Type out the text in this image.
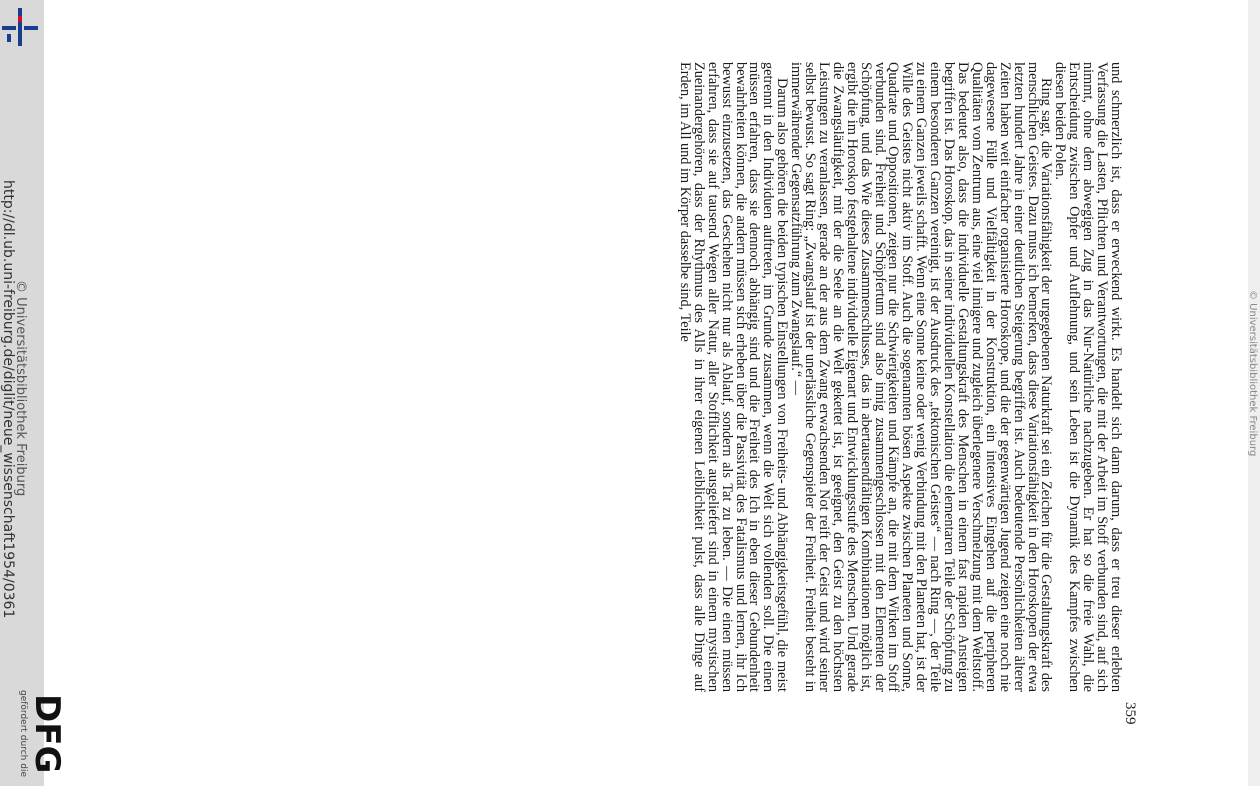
DFG
http://dl.ub.uni-freiburg.de/diglit/neue_wissenschaft1954/0361
© Universitätsbibliothek Freiburg
gefördert durch die
© Universitätsbibliothek Freiburg

und schmerzlich ist, dass er erweckend wirkt. Es handelt sich dann darum, dass er treu dieser erlebten Verfassung die Lasten, Pflichten und Verantwortungen, die mit der Arbeit im Stoff verbunden sind, auf sich nimmt, ohne dem abwegigen Zug in das Nur-Natürliche nachzugeben. Er hat so die freie Wahl, die Entscheidung zwischen Opfer und Auflehnung, und sein Leben ist die Dynamik des Kampfes zwischen diesen beiden Polen.

Ring sagt, die Variationsfähigkeit der urgegebenen Naturkraft sei ein Zeichen für die Gestaltungskraft des menschlichen Geistes. Dazu muss ich bemerken, dass diese Variationsfähigkeit in den Horoskopen der etwa letzten hundert Jahre in einer deutlichen Steigerung begriffen ist. Auch bedeutende Persönlichkeiten älterer Zeiten haben weit einfacher organisierte Horoskope, und die der gegenwärtigen Jugend zeigen eine noch nie dagewesene Fülle und Vielfältigkeit in der Konstruktion, ein intensives Eingehen auf die peripheren Qualitäten vom Zentrum aus, eine viel innigere und zugleich überlegenere Verschmelzung mit dem Weltstoff. Das bedeutet also, dass die individuelle Gestaltungskraft des Menschen in einem fast rapiden Ansteigen begriffen ist. Das Horoskop, das in seiner individuellen Konstellation die elementaren Teile der Schöpfung zu einem besonderen Ganzen vereinigt, ist der Ausdruck des „tektonischen Geistes“ — nach Ring —, der Teile zu einem Ganzen jeweils schafft. Wenn eine Sonne keine oder wenig Verbindung mit den Planeten hat, ist der Wille des Geistes nicht aktiv im Stoff. Auch die sogenannten bösen Aspekte zwischen Planeten und Sonne, Quadrate und Oppositionen, zeigen nur die Schwierigkeiten und Kämpfe an, die mit dem Wirken im Stoff verbunden sind. Freiheit und Schöpfertum sind also innig zusammengeschlossen mit den Elementen der Schöpfung, und das Wie dieses Zusammenschlusses, das in abertausendfältigen Kombinationen möglich ist, ergibt die im Horoskop festgehaltene individuelle Eigenart und Entwicklungsstufe des Menschen. Und gerade die Zwangsläufigkeit, mit der die Seele an die Welt gekettet ist, ist geeignet, den Geist zu den höchsten Leistungen zu veranlassen, gerade an der aus dem Zwang erwachsenden Not reift der Geist und wird seiner selbst bewusst. So sagt Ring: „Zwangslauf ist der unerlässliche Gegenspieler der Freiheit. Freiheit besteht in immerwährender Gegensatzführung zum Zwangslauf.“ —

Darum also gehören die beiden typischen Einstellungen von Freiheits- und Abhängigkeitsgefühl, die meist getrennt in den Individuen auftreten, im Grunde zusammen, wenn die Welt sich vollenden soll. Die einen müssen erfahren, dass sie dennoch abhängig sind und die Freiheit des Ich in eben dieser Gebundenheit bewahrheiten können, die andern müssen sich erheben über die Passivität des Fatalismus und lernen, ihr Ich bewusst einzusetzen, das Geschehen nicht nur als Ablauf, sondern als Tat zu leben. — Die einen müssen erfahren, dass sie auf tausend Wegen aller Natur, aller Stofflichkeit ausgeliefert sind in einem mystischen Zueinandergehören, dass der Rhythmus des Alls in ihrer eigenen Leiblichkeit pulst, dass alle Dinge auf Erden, im All und im Körper dasselbe sind, Teile

359
